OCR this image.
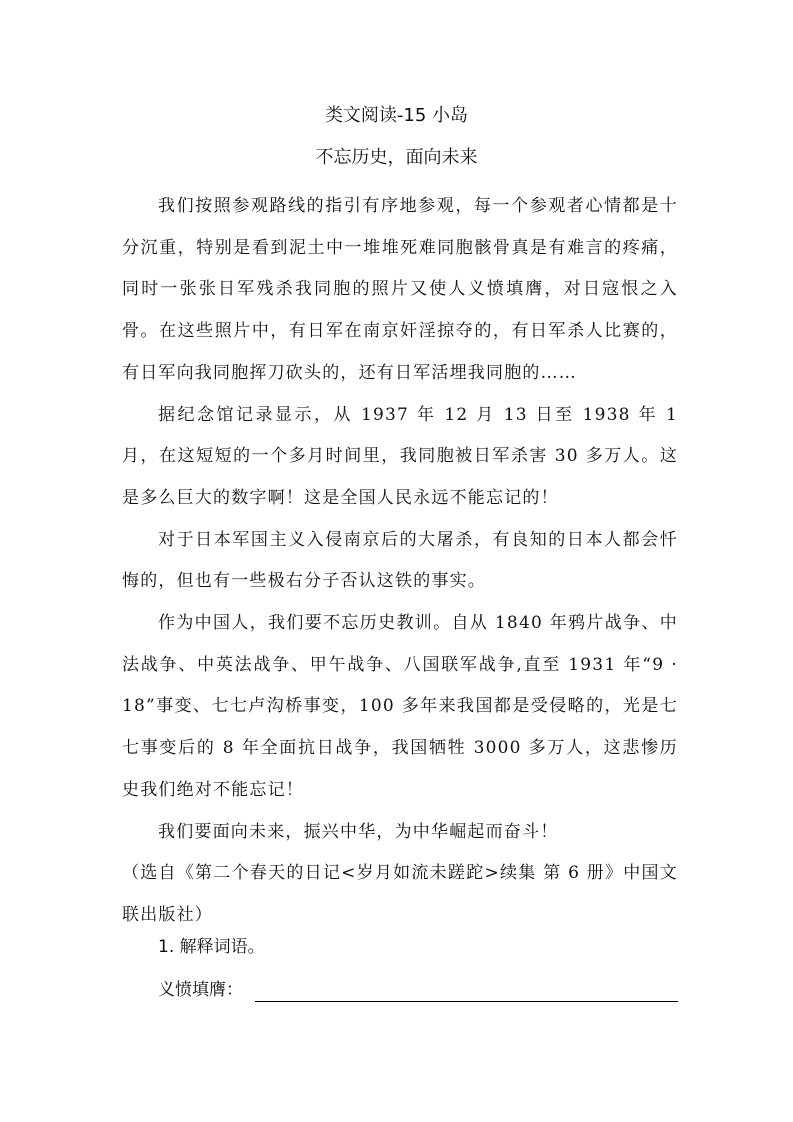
类文阅读-15 小岛
不忘历史，面向未来

我们按照参观路线的指引有序地参观，每一个参观者心情都是十分沉重，特别是看到泥土中一堆堆死难同胞骸骨真是有难言的疼痛，同时一张张日军残杀我同胞的照片又使人义愤填膺，对日寇恨之入骨。在这些照片中，有日军在南京奸淫掠夺的，有日军杀人比赛的，有日军向我同胞挥刀砍头的，还有日军活埋我同胞的……

据纪念馆记录显示，从 1937 年 12 月 13 日至 1938 年 1 月，在这短短的一个多月时间里，我同胞被日军杀害 30 多万人。这是多么巨大的数字啊！这是全国人民永远不能忘记的！

对于日本军国主义入侵南京后的大屠杀，有良知的日本人都会忏悔的，但也有一些极右分子否认这铁的事实。

作为中国人，我们要不忘历史教训。自从 1840 年鸦片战争、中法战争、中英法战争、甲午战争、八国联军战争,直至 1931 年“9 · 18”事变、七七卢沟桥事变，100 多年来我国都是受侵略的，光是七七事变后的 8 年全面抗日战争，我国牺牲 3000 多万人，这悲惨历史我们绝对不能忘记！

我们要面向未来，振兴中华，为中华崛起而奋斗！

（选自《第二个春天的日记<岁月如流未蹉跎>续集 第 6 册》中国文联出版社）

1. 解释词语。
义愤填膺：
